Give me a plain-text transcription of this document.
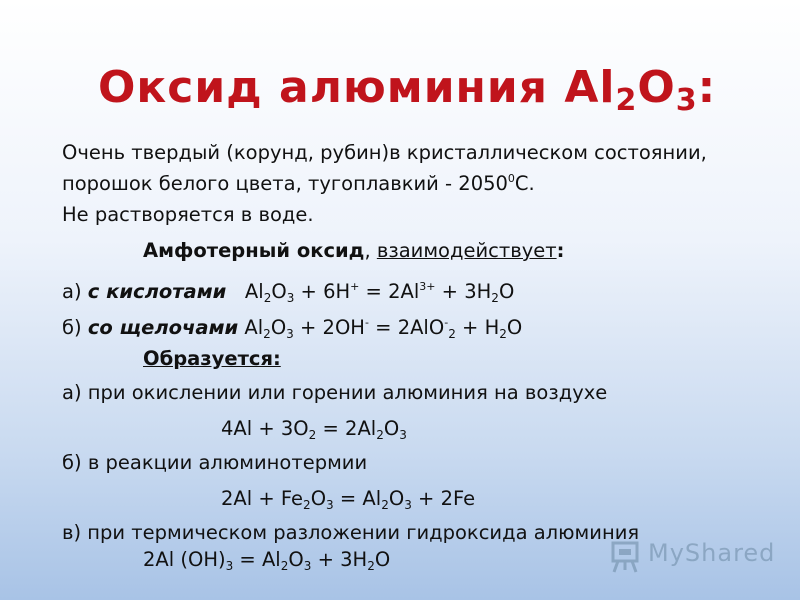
Оксид алюминия $Al_2O_3$:
Очень твердый (корунд, рубин)в кристаллическом состоянии,
порошок белого цвета, тугоплавкий - 2050$^0$C.
Не растворяется в воде.
Амфотерный оксид, взаимодействует:
а) с кислотами   $Al_2O_3 + 6H^+ = 2Al^{3+} + 3H_2O$
б) со щелочами $Al_2O_3 + 2OH^- = 2AlO^-_2 + H_2O$
Образуется:
а) при окислении или горении алюминия на воздухе
$4Al + 3O_2 = 2Al_2O_3$
б) в реакции алюминотермии
$2Al + Fe_2O_3 = Al_2O_3 + 2Fe$
в) при термическом разложении гидроксида алюминия
2Al $(OH)_3 = Al_2O_3 + 3H_2O$	MyShared
